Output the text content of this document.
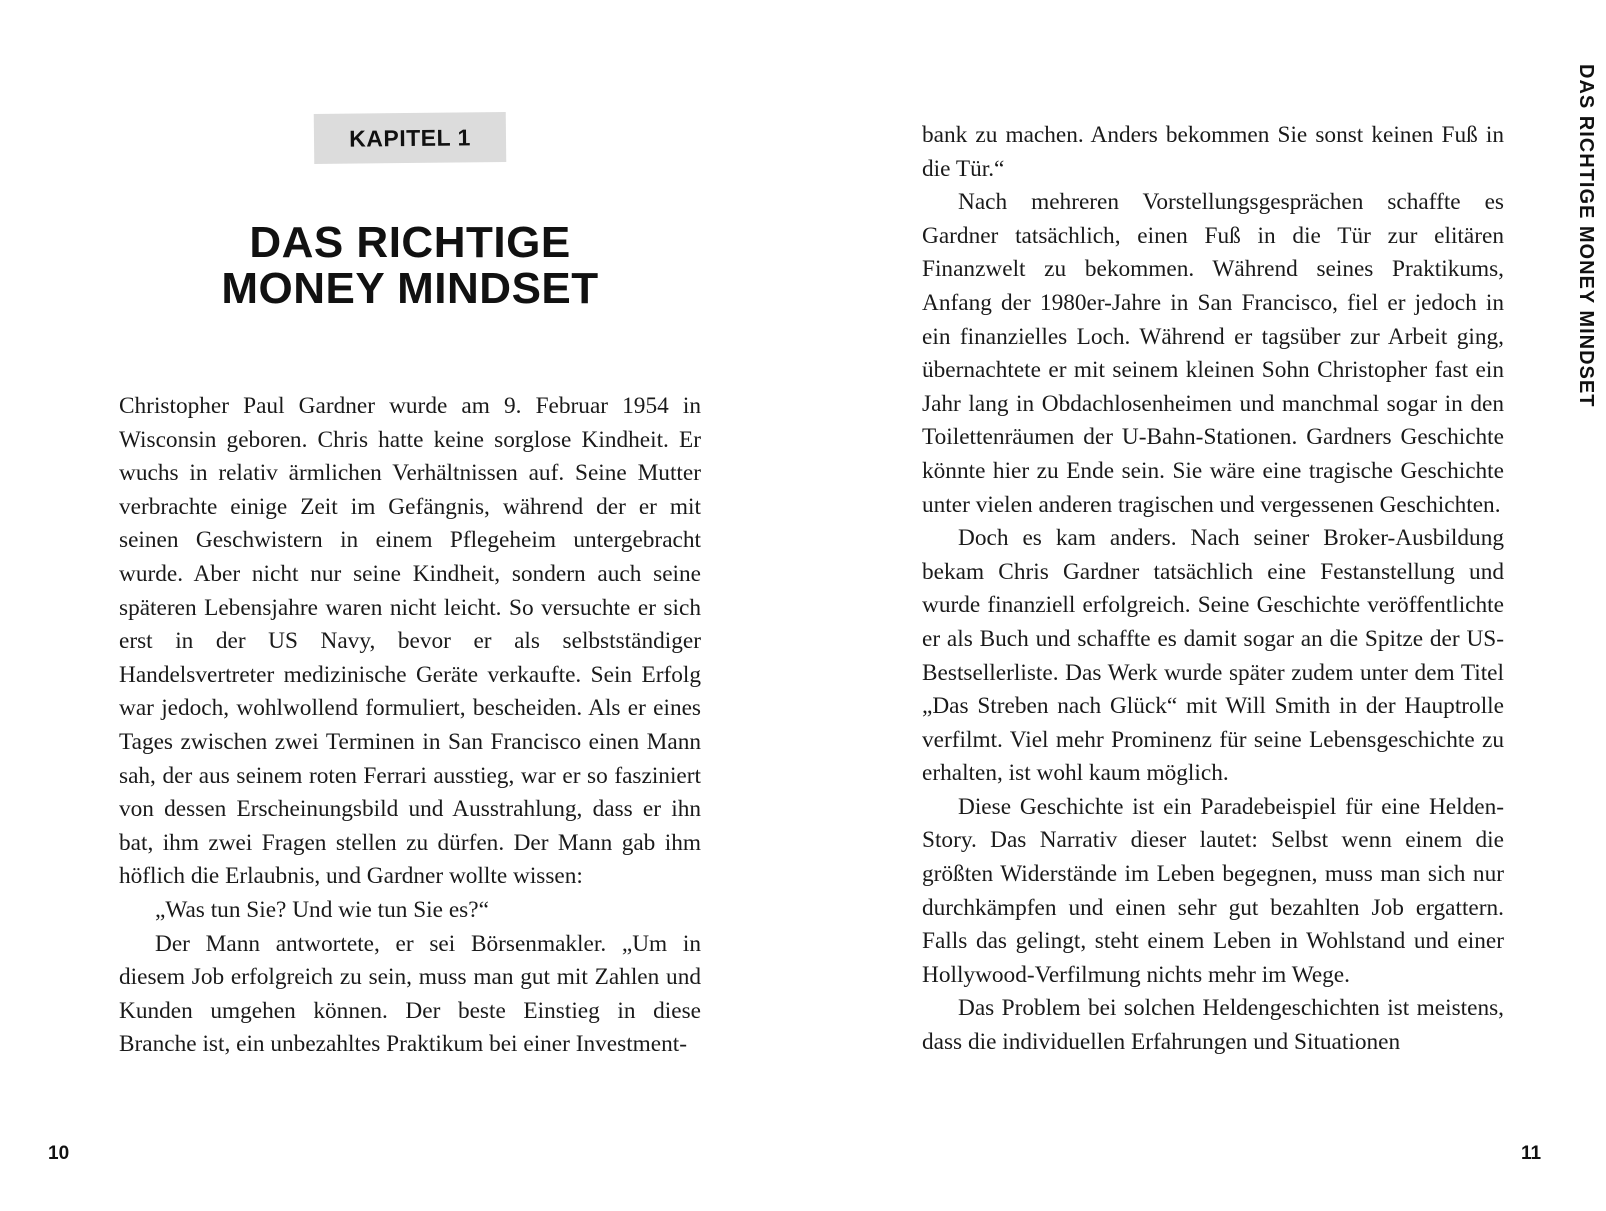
KAPITEL 1
DAS RICHTIGE
MONEY MINDSET

Christopher Paul Gardner wurde am 9. Februar 1954 in Wisconsin geboren. Chris hatte keine sorglose Kindheit. Er wuchs in relativ ärmlichen Verhältnissen auf. Seine Mutter verbrachte einige Zeit im Gefängnis, während der er mit seinen Geschwistern in einem Pflegeheim untergebracht wurde. Aber nicht nur seine Kindheit, sondern auch seine späteren Lebensjahre waren nicht leicht. So versuchte er sich erst in der US Navy, bevor er als selbstständiger Handelsvertreter medizinische Geräte verkaufte. Sein Erfolg war jedoch, wohlwollend formuliert, bescheiden. Als er eines Tages zwischen zwei Terminen in San Francisco einen Mann sah, der aus seinem roten Ferrari ausstieg, war er so fasziniert von dessen Erscheinungsbild und Ausstrahlung, dass er ihn bat, ihm zwei Fragen stellen zu dürfen. Der Mann gab ihm höflich die Erlaubnis, und Gardner wollte wissen:

„Was tun Sie? Und wie tun Sie es?“

Der Mann antwortete, er sei Börsenmakler. „Um in diesem Job erfolgreich zu sein, muss man gut mit Zahlen und Kunden umgehen können. Der beste Einstieg in diese Branche ist, ein unbezahltes Praktikum bei einer Investment-

10
DAS RICHTIGE MONEY MINDSET

bank zu machen. Anders bekommen Sie sonst keinen Fuß in die Tür.“

Nach mehreren Vorstellungsgesprächen schaffte es Gardner tatsächlich, einen Fuß in die Tür zur elitären Finanzwelt zu bekommen. Während seines Praktikums, Anfang der 1980er-Jahre in San Francisco, fiel er jedoch in ein finanzielles Loch. Während er tagsüber zur Arbeit ging, übernachtete er mit seinem kleinen Sohn Christopher fast ein Jahr lang in Obdachlosenheimen und manchmal sogar in den Toilettenräumen der U-Bahn-Stationen. Gardners Geschichte könnte hier zu Ende sein. Sie wäre eine tragische Geschichte unter vielen anderen tragischen und vergessenen Geschichten.

Doch es kam anders. Nach seiner Broker-Ausbildung bekam Chris Gardner tatsächlich eine Festanstellung und wurde finanziell erfolgreich. Seine Geschichte veröffentlichte er als Buch und schaffte es damit sogar an die Spitze der US-Bestsellerliste. Das Werk wurde später zudem unter dem Titel „Das Streben nach Glück“ mit Will Smith in der Hauptrolle verfilmt. Viel mehr Prominenz für seine Lebensgeschichte zu erhalten, ist wohl kaum möglich.

Diese Geschichte ist ein Paradebeispiel für eine Helden-Story. Das Narrativ dieser lautet: Selbst wenn einem die größten Widerstände im Leben begegnen, muss man sich nur durchkämpfen und einen sehr gut bezahlten Job ergattern. Falls das gelingt, steht einem Leben in Wohlstand und einer Hollywood-Verfilmung nichts mehr im Wege.

Das Problem bei solchen Heldengeschichten ist meistens, dass die individuellen Erfahrungen und Situationen

11
